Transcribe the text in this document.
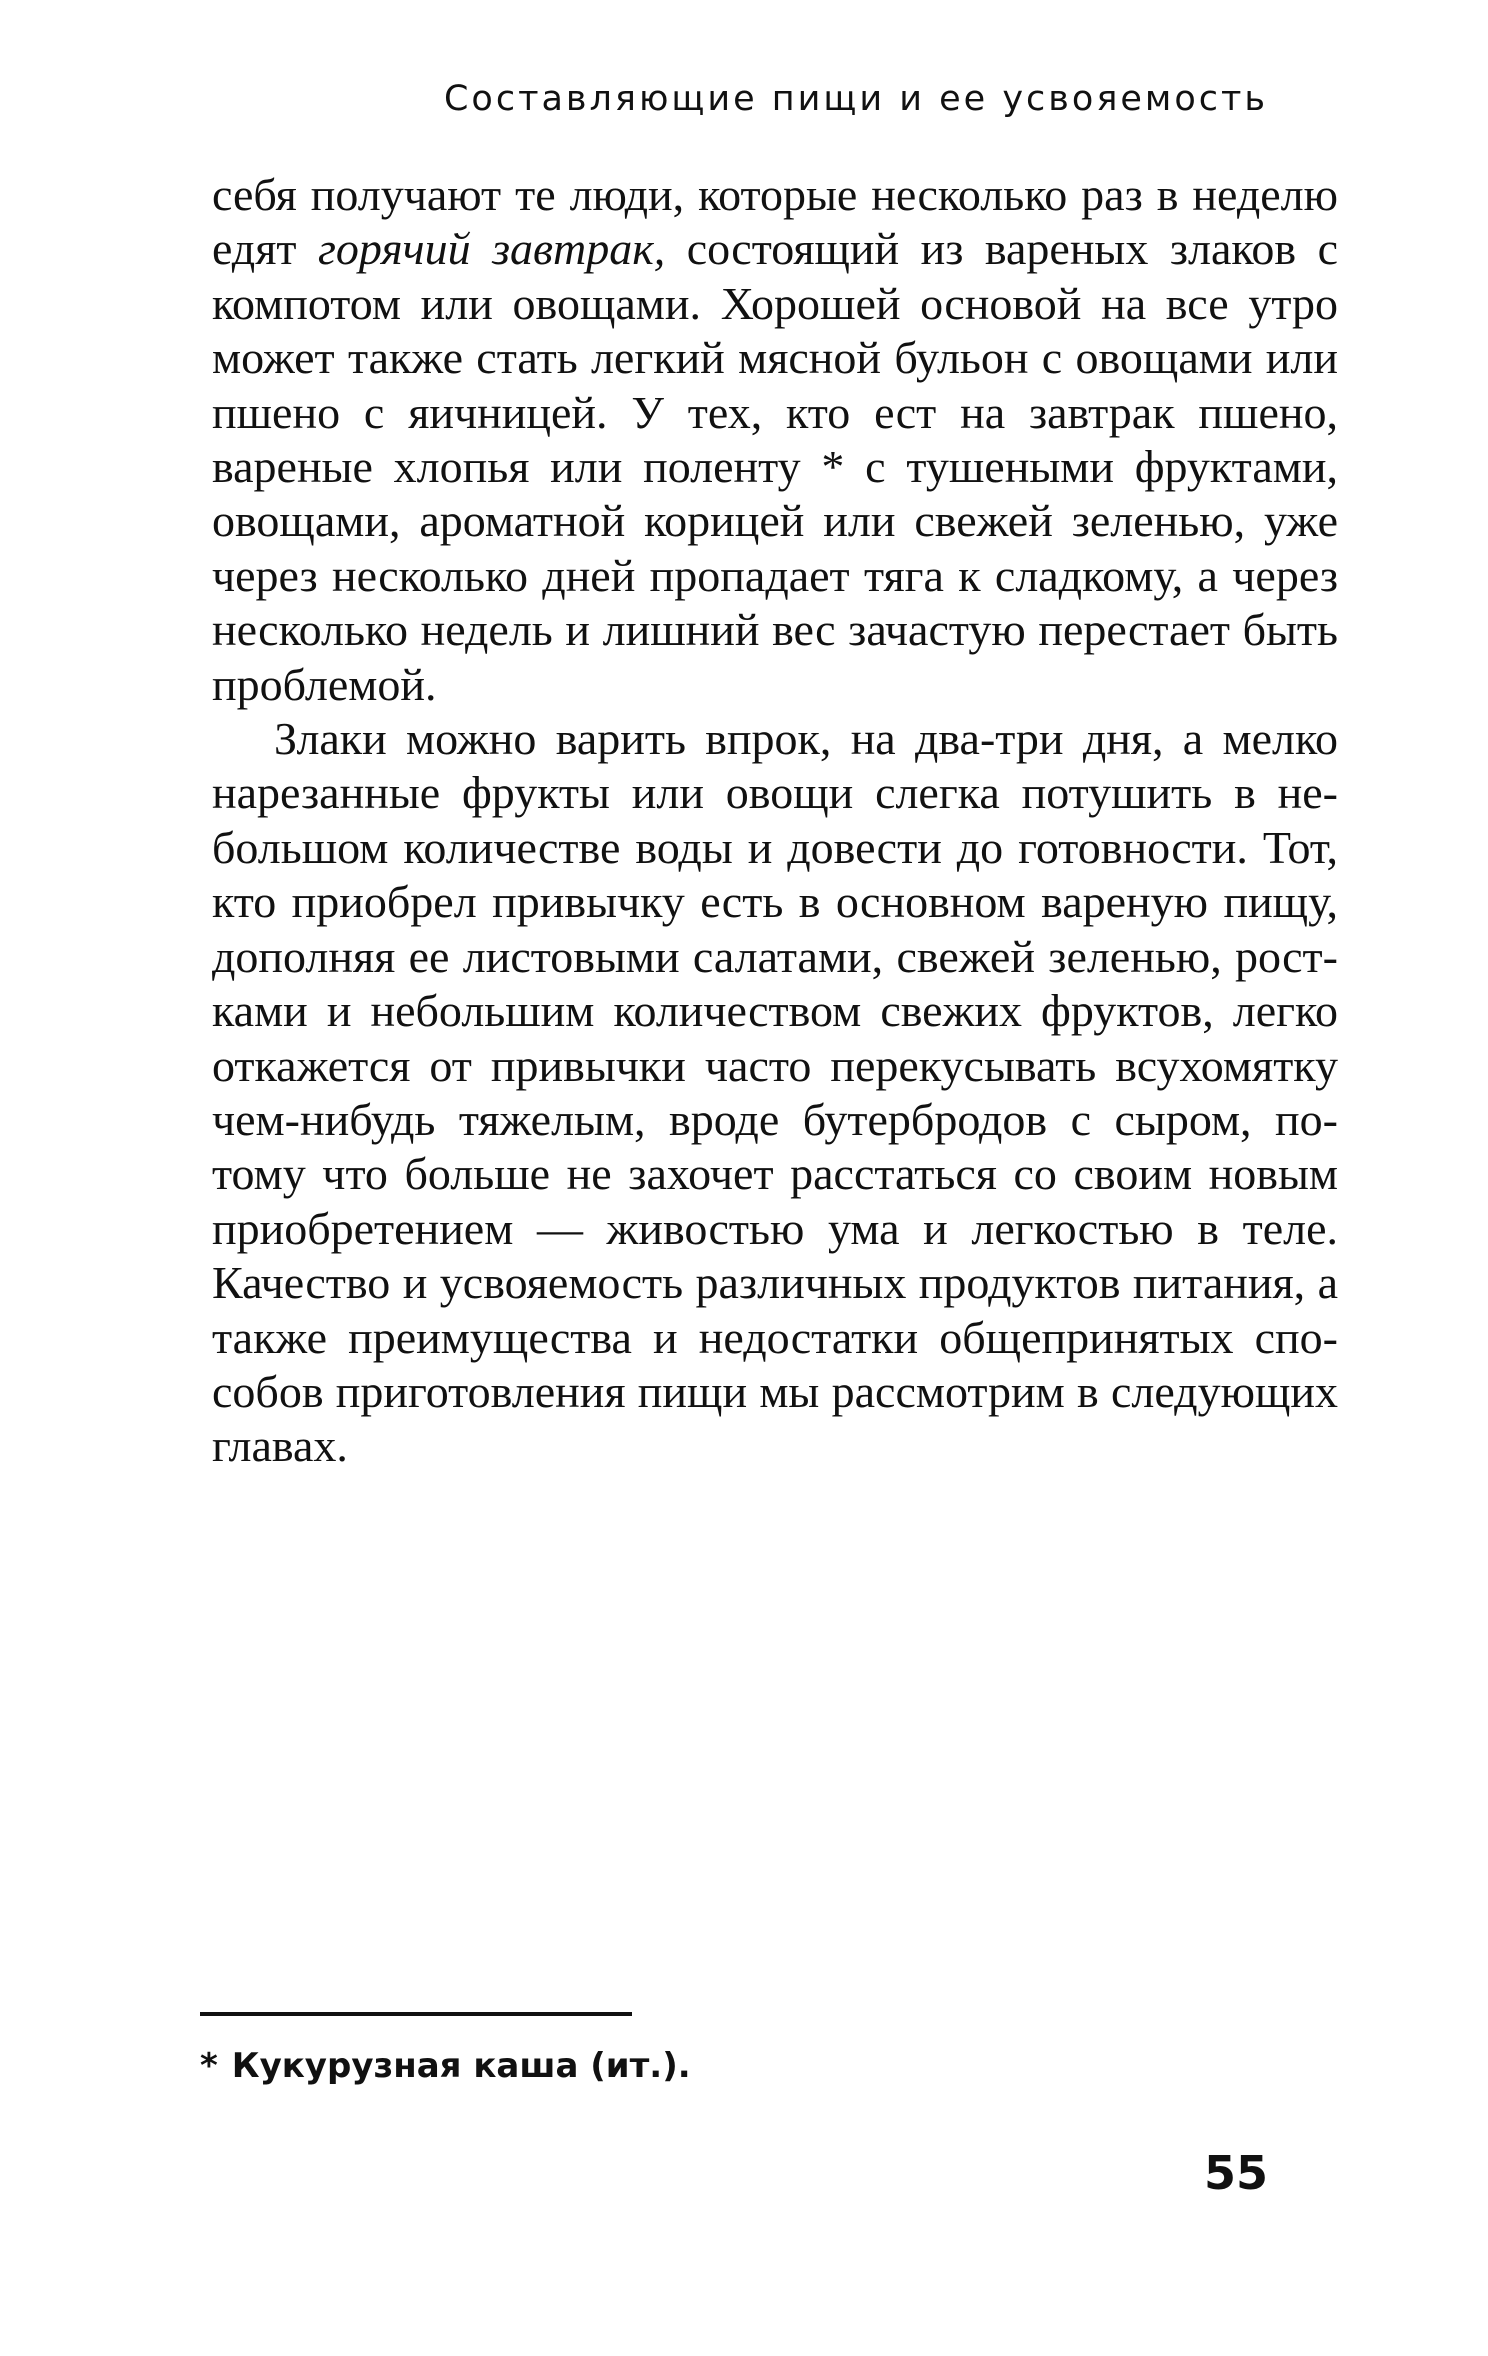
Составляющие пищи и ее усвояемость

себя получают те люди, которые несколько раз в неделю едят горячий завтрак, состоящий из вареных злаков с компотом или овощами. Хорошей основой на все утро может также стать легкий мясной бульон с овощами или пшено с яичницей. У тех, кто ест на завтрак пшено, вареные хлопья или поленту * с тушеными фруктами, овощами, ароматной корицей или свежей зеленью, уже через несколько дней пропадает тяга к сладкому, а через несколько недель и лишний вес зачастую перестает быть проблемой.

Злаки можно варить впрок, на два-три дня, а мелко нарезанные фрукты или овощи слегка потушить в небольшом количестве воды и довести до готовности. Тот, кто приобрел привычку есть в основном вареную пищу, дополняя ее листовыми салатами, свежей зеленью, ростками и небольшим количеством свежих фруктов, легко откажется от привычки часто перекусывать всухомятку чем-нибудь тяжелым, вроде бутербродов с сыром, потому что больше не захочет расстаться со своим новым приобретением — живостью ума и легкостью в теле. Качество и усвояемость различных продуктов питания, а также преимущества и недостатки общепринятых способов приготовления пищи мы рассмотрим в следующих главах.

* Кукурузная каша (ит.).
55
